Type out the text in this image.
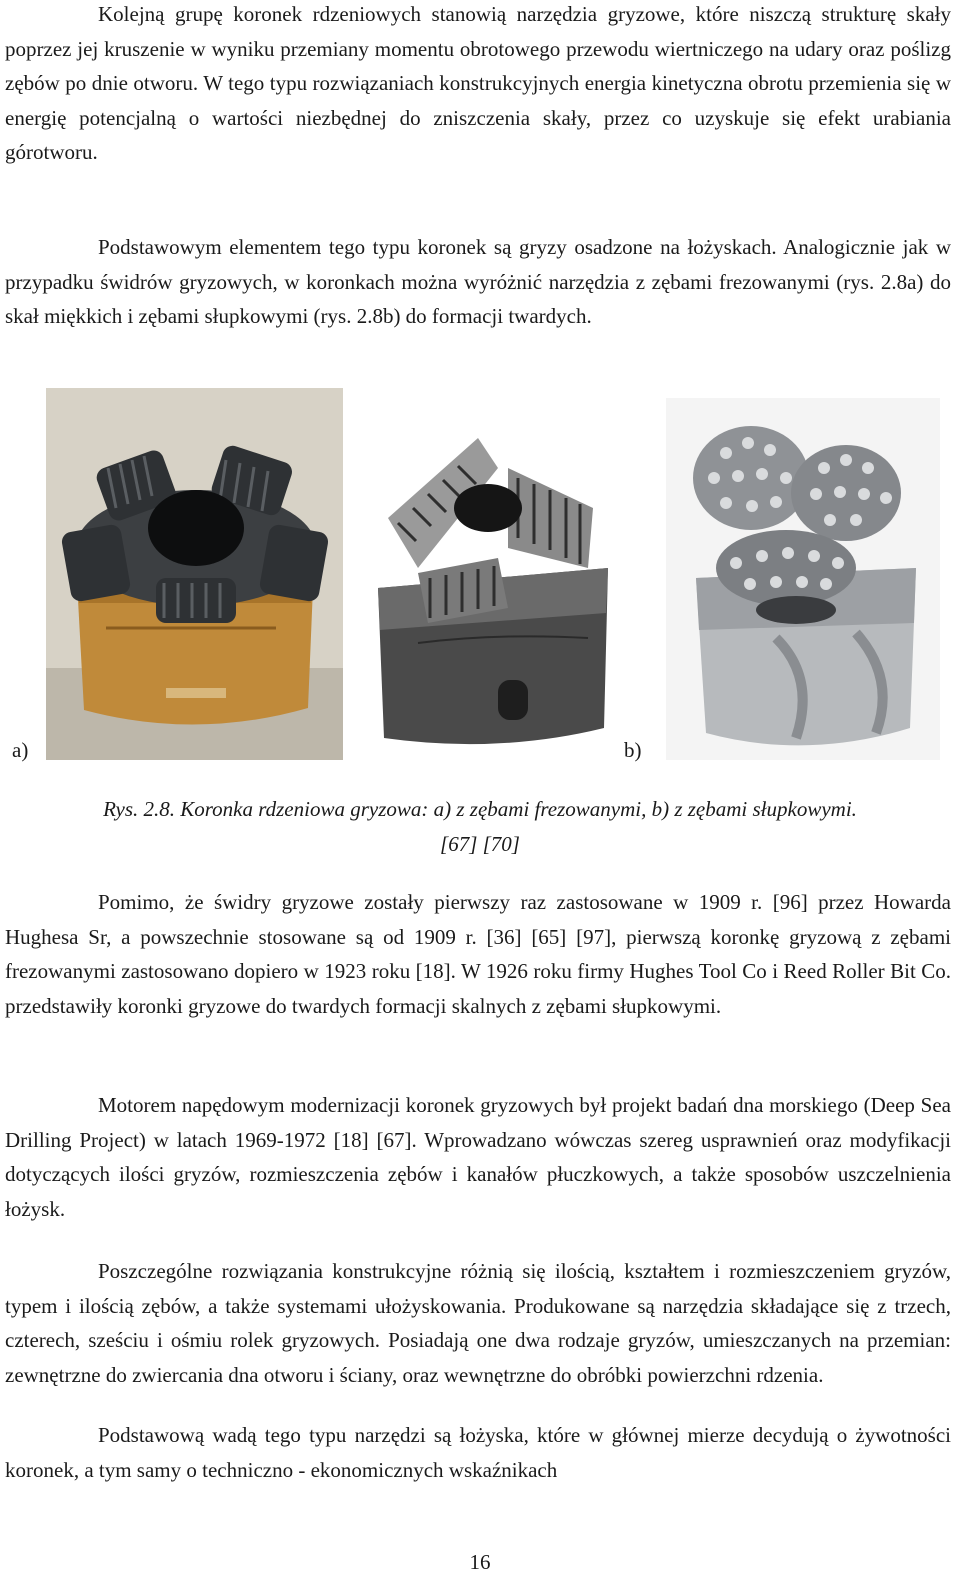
Kolejną grupę koronek rdzeniowych stanowią narzędzia gryzowe, które niszczą strukturę skały poprzez jej kruszenie w wyniku przemiany momentu obrotowego przewodu wiertniczego na udary oraz poślizg zębów po dnie otworu. W tego typu rozwiązaniach konstrukcyjnych energia kinetyczna obrotu przemienia się w energię potencjalną o wartości niezbędnej do zniszczenia skały, przez co uzyskuje się efekt urabiania górotworu.

Podstawowym elementem tego typu koronek są gryzy osadzone na łożyskach. Analogicznie jak w przypadku świdrów gryzowych, w koronkach można wyróżnić narzędzia z zębami frezowanymi (rys. 2.8a) do skał miękkich i zębami słupkowymi (rys. 2.8b) do formacji twardych.

a)	b)

Rys. 2.8. Koronka rdzeniowa gryzowa: a) z zębami frezowanymi, b) z zębami słupkowymi.

[67] [70]

Pomimo, że świdry gryzowe zostały pierwszy raz zastosowane w 1909 r. [96] przez Howarda Hughesa Sr, a powszechnie stosowane są od 1909 r. [36] [65] [97], pierwszą koronkę gryzową z zębami frezowanymi zastosowano dopiero w 1923 roku [18]. W 1926 roku firmy Hughes Tool Co i Reed Roller Bit Co. przedstawiły koronki gryzowe do twardych formacji skalnych z zębami słupkowymi.

Motorem napędowym modernizacji koronek gryzowych był projekt badań dna morskiego (Deep Sea Drilling Project) w latach 1969-1972 [18] [67]. Wprowadzano wówczas szereg usprawnień oraz modyfikacji dotyczących ilości gryzów, rozmieszczenia zębów i kanałów płuczkowych, a także sposobów uszczelnienia łożysk.

Poszczególne rozwiązania konstrukcyjne różnią się ilością, kształtem i rozmieszczeniem gryzów, typem i ilością zębów, a także systemami ułożyskowania. Produkowane są narzędzia składające się z trzech, czterech, sześciu i ośmiu rolek gryzowych. Posiadają one dwa rodzaje gryzów, umieszczanych na przemian: zewnętrzne do zwiercania dna otworu i ściany, oraz wewnętrzne do obróbki powierzchni rdzenia.

Podstawową wadą tego typu narzędzi są łożyska, które w głównej mierze decydują o żywotności koronek, a tym samy o techniczno - ekonomicznych wskaźnikach

16
